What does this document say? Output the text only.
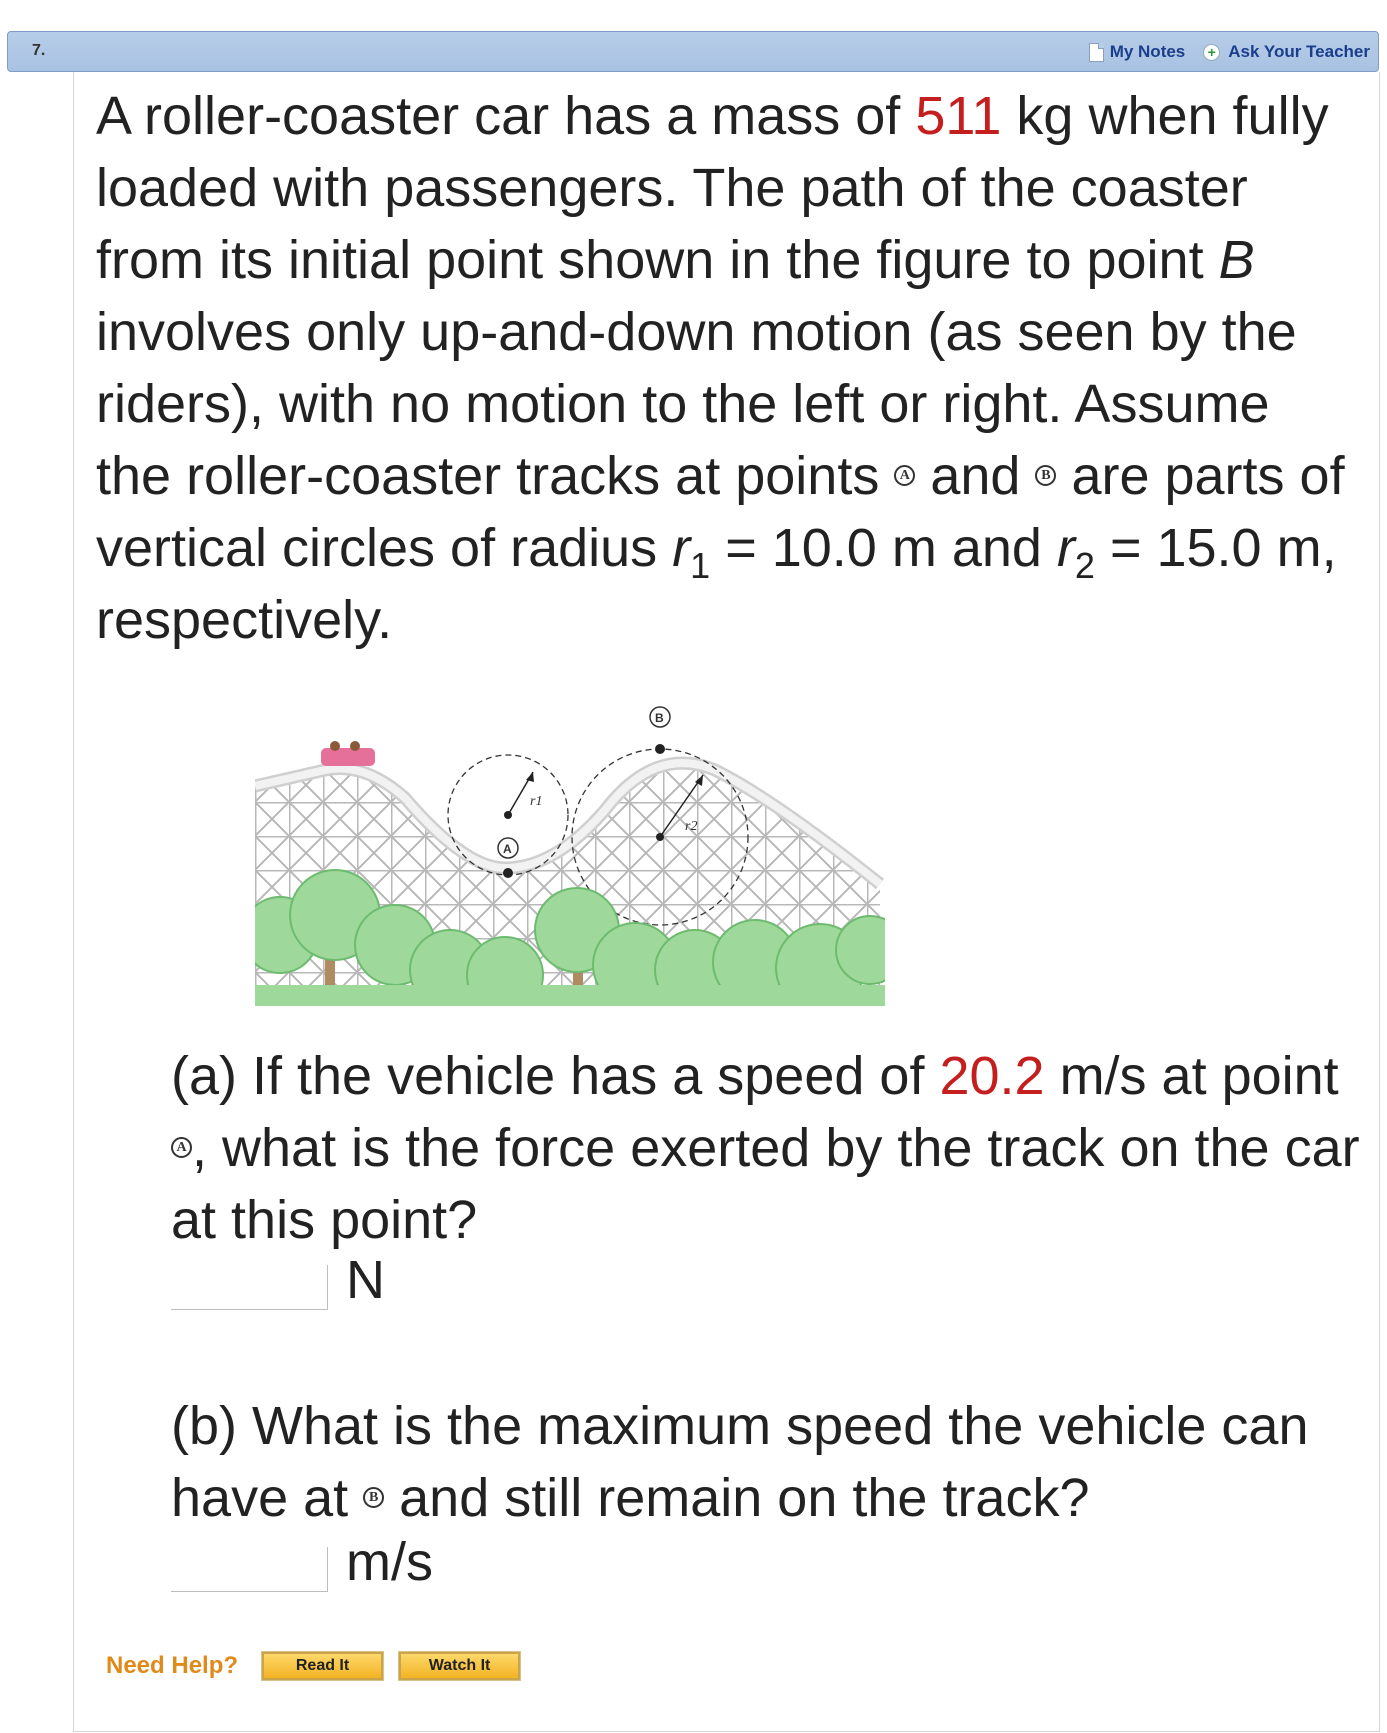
7.	My Notes	+ Ask Your Teacher
A roller-coaster car has a mass of 511 kg when fully loaded with passengers. The path of the coaster from its initial point shown in the figure to point B involves only up-and-down motion (as seen by the riders), with no motion to the left or right. Assume the roller-coaster tracks at points A and B are parts of vertical circles of radius $r_1 = 10.0$ m and $r_2 = 15.0$ m, respectively.
r1
A
r2
B
(a) If the vehicle has a speed of 20.2 m/s at point A , what is the force exerted by the track on the car at this point?
N
(b) What is the maximum speed the vehicle can have at B and still remain on the track?
m/s
Need Help?	Read It	Watch It
